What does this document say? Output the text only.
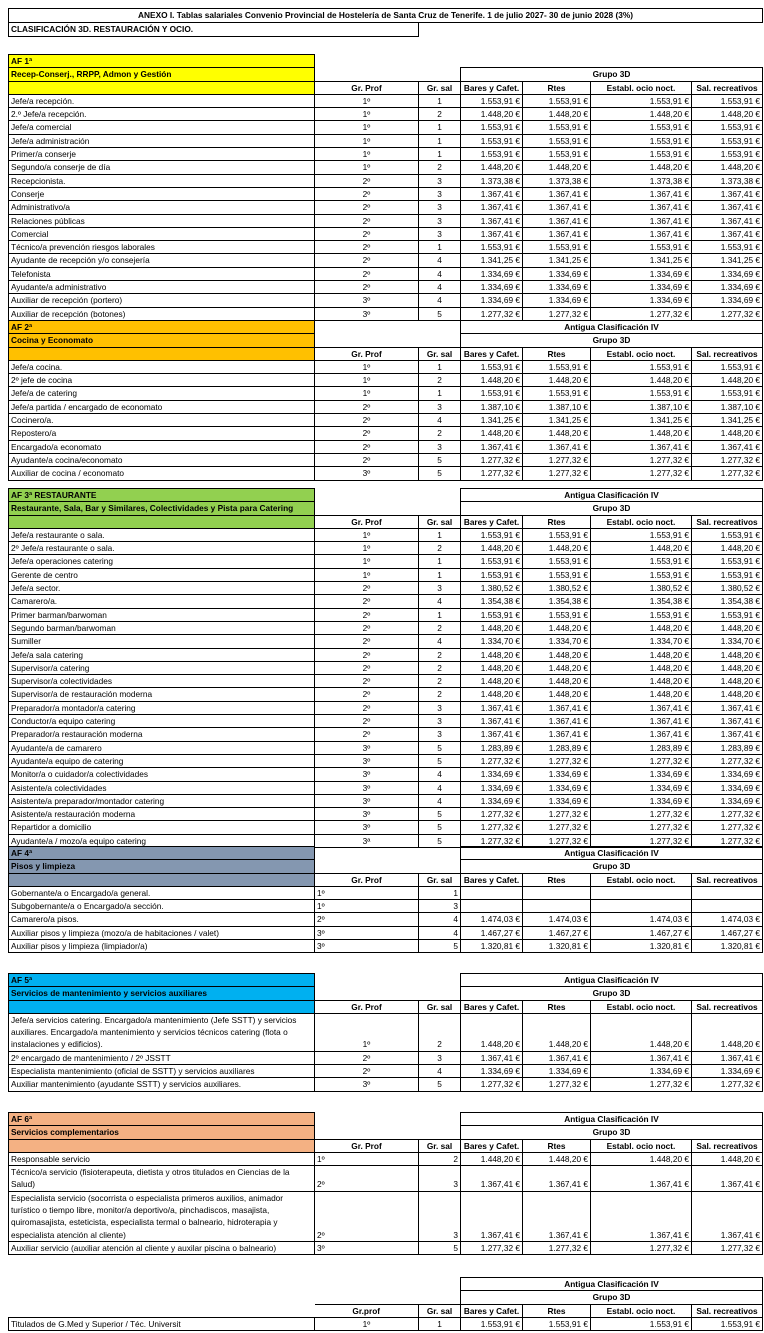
ANEXO I. Tablas salariales Convenio Provincial de Hostelería de Santa Cruz de Tenerife. 1 de julio 2027- 30 de junio 2028 (3%)
CLASIFICACIÓN 3D. RESTAURACIÓN Y OCIO.	
AF 1ª						
Recep-Conserj., RRPP, Admon y Gestión			Grupo 3D			
	Gr. Prof	Gr. sal	Bares y Cafet.	Rtes	Establ. ocio noct.	Sal. recreativos
Jefe/a recepción.	1º	1	1.553,91 €	1.553,91 €	1.553,91 €	1.553,91 €
2.º Jefe/a recepción.	1º	2	1.448,20 €	1.448,20 €	1.448,20 €	1.448,20 €
Jefe/a comercial	1º	1	1.553,91 €	1.553,91 €	1.553,91 €	1.553,91 €
Jefe/a administración	1º	1	1.553,91 €	1.553,91 €	1.553,91 €	1.553,91 €
Primer/a conserje	1º	1	1.553,91 €	1.553,91 €	1.553,91 €	1.553,91 €
Segundo/a conserje de día	1º	2	1.448,20 €	1.448,20 €	1.448,20 €	1.448,20 €
Recepcionista.	2º	3	1.373,38 €	1.373,38 €	1.373,38 €	1.373,38 €
Conserje	2º	3	1.367,41 €	1.367,41 €	1.367,41 €	1.367,41 €
Administrativo/a	2º	3	1.367,41 €	1.367,41 €	1.367,41 €	1.367,41 €
Relaciones públicas	2º	3	1.367,41 €	1.367,41 €	1.367,41 €	1.367,41 €
Comercial	2º	3	1.367,41 €	1.367,41 €	1.367,41 €	1.367,41 €
Técnico/a prevención riesgos laborales	2º	1	1.553,91 €	1.553,91 €	1.553,91 €	1.553,91 €
Ayudante de recepción y/o consejería	2º	4	1.341,25 €	1.341,25 €	1.341,25 €	1.341,25 €
Telefonista	2º	4	1.334,69 €	1.334,69 €	1.334,69 €	1.334,69 €
Ayudante/a administrativo	2º	4	1.334,69 €	1.334,69 €	1.334,69 €	1.334,69 €
Auxiliar de recepción (portero)	3º	4	1.334,69 €	1.334,69 €	1.334,69 €	1.334,69 €
Auxiliar de recepción (botones)	3º	5	1.277,32 €	1.277,32 €	1.277,32 €	1.277,32 €
AF 2ª			Antigua Clasificación IV			
Cocina y Economato			Grupo 3D			
	Gr. Prof	Gr. sal	Bares y Cafet.	Rtes	Establ. ocio noct.	Sal. recreativos
Jefe/a cocina.	1º	1	1.553,91 €	1.553,91 €	1.553,91 €	1.553,91 €
2º jefe de cocina	1º	2	1.448,20 €	1.448,20 €	1.448,20 €	1.448,20 €
Jefe/a de catering	1º	1	1.553,91 €	1.553,91 €	1.553,91 €	1.553,91 €
Jefe/a partida / encargado de economato	2º	3	1.387,10 €	1.387,10 €	1.387,10 €	1.387,10 €
Cocinero/a.	2º	4	1.341,25 €	1.341,25 €	1.341,25 €	1.341,25 €
Repostero/a	2º	2	1.448,20 €	1.448,20 €	1.448,20 €	1.448,20 €
Encargado/a economato	2º	3	1.367,41 €	1.367,41 €	1.367,41 €	1.367,41 €
Ayudante/a cocina/economato	2º	5	1.277,32 €	1.277,32 €	1.277,32 €	1.277,32 €
Auxiliar de cocina / economato	3º	5	1.277,32 €	1.277,32 €	1.277,32 €	1.277,32 €
AF 3ª RESTAURANTE			Antigua Clasificación IV			
Restaurante, Sala, Bar y Similares, Colectividades y Pista para Catering			Grupo 3D			
	Gr. Prof	Gr. sal	Bares y Cafet.	Rtes	Establ. ocio noct.	Sal. recreativos
Jefe/a restaurante o sala.	1º	1	1.553,91 €	1.553,91 €	1.553,91 €	1.553,91 €
2º Jefe/a restaurante o sala.	1º	2	1.448,20 €	1.448,20 €	1.448,20 €	1.448,20 €
Jefe/a operaciones catering	1º	1	1.553,91 €	1.553,91 €	1.553,91 €	1.553,91 €
Gerente de centro	1º	1	1.553,91 €	1.553,91 €	1.553,91 €	1.553,91 €
Jefe/a sector.	2º	3	1.380,52 €	1.380,52 €	1.380,52 €	1.380,52 €
Camarero/a.	2º	4	1.354,38 €	1.354,38 €	1.354,38 €	1.354,38 €
Primer barman/barwoman	2º	1	1.553,91 €	1.553,91 €	1.553,91 €	1.553,91 €
Segundo barman/barwoman	2º	2	1.448,20 €	1.448,20 €	1.448,20 €	1.448,20 €
Sumiller	2º	4	1.334,70 €	1.334,70 €	1.334,70 €	1.334,70 €
Jefe/a sala catering	2º	2	1.448,20 €	1.448,20 €	1.448,20 €	1.448,20 €
Supervisor/a catering	2º	2	1.448,20 €	1.448,20 €	1.448,20 €	1.448,20 €
Supervisor/a colectividades	2º	2	1.448,20 €	1.448,20 €	1.448,20 €	1.448,20 €
Supervisor/a de restauración moderna	2º	2	1.448,20 €	1.448,20 €	1.448,20 €	1.448,20 €
Preparador/a montador/a catering	2º	3	1.367,41 €	1.367,41 €	1.367,41 €	1.367,41 €
Conductor/a equipo catering	2º	3	1.367,41 €	1.367,41 €	1.367,41 €	1.367,41 €
Preparador/a restauración moderna	2º	3	1.367,41 €	1.367,41 €	1.367,41 €	1.367,41 €
Ayudante/a de camarero	3º	5	1.283,89 €	1.283,89 €	1.283,89 €	1.283,89 €
Ayudante/a equipo de catering	3º	5	1.277,32 €	1.277,32 €	1.277,32 €	1.277,32 €
Monitor/a o cuidador/a colectividades	3º	4	1.334,69 €	1.334,69 €	1.334,69 €	1.334,69 €
Asistente/a colectividades	3º	4	1.334,69 €	1.334,69 €	1.334,69 €	1.334,69 €
Asistente/a preparador/montador catering	3º	4	1.334,69 €	1.334,69 €	1.334,69 €	1.334,69 €
Asistente/a restauración moderna	3º	5	1.277,32 €	1.277,32 €	1.277,32 €	1.277,32 €
Repartidor a domicilio	3º	5	1.277,32 €	1.277,32 €	1.277,32 €	1.277,32 €
Ayudante/a / mozo/a equipo catering	3ª	5	1.277,32 €	1.277,32 €	1.277,32 €	1.277,32 €
AF 4ª			Antigua Clasificación IV			
Pisos y limpieza			Grupo 3D			
	Gr. Prof	Gr. sal	Bares y Cafet.	Rtes	Establ. ocio noct.	Sal. recreativos
Gobernante/a o Encargado/a general.	1º	1				
Subgobernante/a o Encargado/a sección.	1º	3				
Camarero/a pisos.	2º	4	1.474,03 €	1.474,03 €	1.474,03 €	1.474,03 €
Auxiliar pisos y limpieza (mozo/a de habitaciones / valet)	3º	4	1.467,27 €	1.467,27 €	1.467,27 €	1.467,27 €
Auxiliar pisos y limpieza (limpiador/a)	3º	5	1.320,81 €	1.320,81 €	1.320,81 €	1.320,81 €
AF 5ª			Antigua Clasificación IV			
Servicios de mantenimiento y servicios auxiliares			Grupo 3D			
	Gr. Prof	Gr. sal	Bares y Cafet.	Rtes	Establ. ocio noct.	Sal. recreativos
Jefe/a servicios catering. Encargado/a mantenimiento (Jefe SSTT) y servicios auxiliares. Encargado/a mantenimiento y servicios técnicos catering (flota o instalaciones y edificios).	1º	2	1.448,20 €	1.448,20 €	1.448,20 €	1.448,20 €
2º encargado de mantenimiento / 2º JSSTT	2º	3	1.367,41 €	1.367,41 €	1.367,41 €	1.367,41 €
Especialista mantenimiento (oficial de SSTT) y servicios auxiliares	2º	4	1.334,69 €	1.334,69 €	1.334,69 €	1.334,69 €
Auxiliar mantenimiento (ayudante SSTT) y servicios auxiliares.	3º	5	1.277,32 €	1.277,32 €	1.277,32 €	1.277,32 €
AF 6ª			Antigua Clasificación IV			
Servicios complementarios			Grupo 3D			
	Gr. Prof	Gr. sal	Bares y Cafet.	Rtes	Establ. ocio noct.	Sal. recreativos
Responsable servicio	1º	2	1.448,20 €	1.448,20 €	1.448,20 €	1.448,20 €
Técnico/a servicio (fisioterapeuta, dietista y otros titulados en Ciencias de la Salud)	2º	3	1.367,41 €	1.367,41 €	1.367,41 €	1.367,41 €
Especialista servicio (socorrista o especialista primeros auxilios, animador turístico o tiempo libre, monitor/a deportivo/a, pinchadiscos, masajista, quiromasajista, esteticista, especialista termal o balneario, hidroterapia y especialista atención al cliente)	2º	3	1.367,41 €	1.367,41 €	1.367,41 €	1.367,41 €
Auxiliar servicio (auxiliar atención al cliente y auxilar piscina o balneario)	3º	5	1.277,32 €	1.277,32 €	1.277,32 €	1.277,32 €
			Antigua Clasificación IV			
			Grupo 3D			
	Gr.prof	Gr. sal	Bares y Cafet.	Rtes	Establ. ocio noct.	Sal. recreativos
Titulados de G.Med y Superior / Téc. Universit	1º	1	1.553,91 €	1.553,91 €	1.553,91 €	1.553,91 €
